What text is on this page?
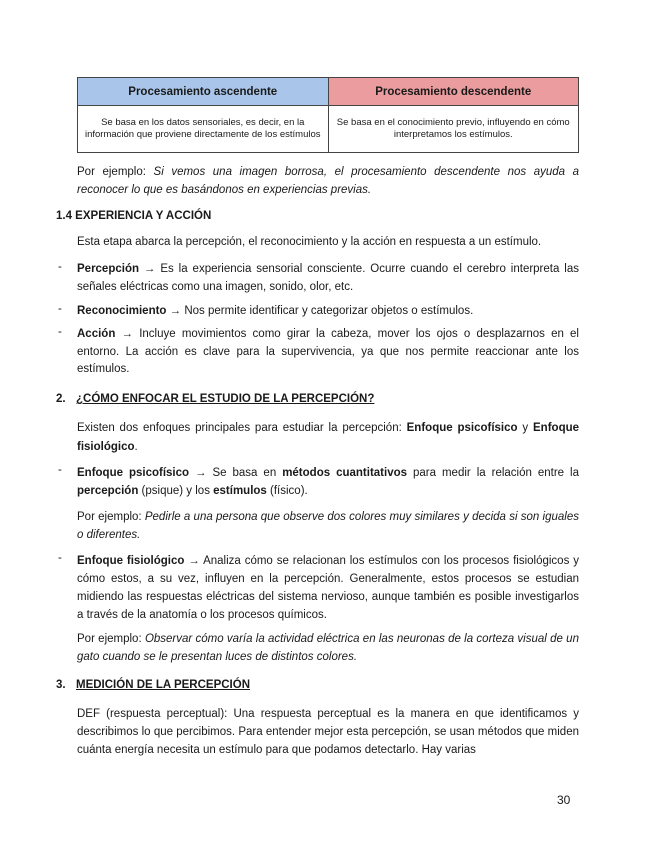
Procesamiento ascendente	Procesamiento descendente
Se basa en los datos sensoriales, es decir, en la información que proviene directamente de los estímulos	Se basa en el conocimiento previo, influyendo en cómo interpretamos los estímulos.
Por ejemplo: Si vemos una imagen borrosa, el procesamiento descendente nos ayuda a reconocer lo que es basándonos en experiencias previas.
1.4 EXPERIENCIA Y ACCIÓN
Esta etapa abarca la percepción, el reconocimiento y la acción en respuesta a un estímulo.
- Percepción → Es la experiencia sensorial consciente. Ocurre cuando el cerebro interpreta las señales eléctricas como una imagen, sonido, olor, etc.
- Reconocimiento → Nos permite identificar y categorizar objetos o estímulos.
- Acción → Incluye movimientos como girar la cabeza, mover los ojos o desplazarnos en el entorno. La acción es clave para la supervivencia, ya que nos permite reaccionar ante los estímulos.
2. ¿CÓMO ENFOCAR EL ESTUDIO DE LA PERCEPCIÓN?
Existen dos enfoques principales para estudiar la percepción: Enfoque psicofísico y Enfoque fisiológico.
- Enfoque psicofísico → Se basa en métodos cuantitativos para medir la relación entre la percepción (psique) y los estímulos (físico).
Por ejemplo: Pedirle a una persona que observe dos colores muy similares y decida si son iguales o diferentes.
- Enfoque fisiológico → Analiza cómo se relacionan los estímulos con los procesos fisiológicos y cómo estos, a su vez, influyen en la percepción. Generalmente, estos procesos se estudian midiendo las respuestas eléctricas del sistema nervioso, aunque también es posible investigarlos a través de la anatomía o los procesos químicos.
Por ejemplo: Observar cómo varía la actividad eléctrica en las neuronas de la corteza visual de un gato cuando se le presentan luces de distintos colores.
3. MEDICIÓN DE LA PERCEPCIÓN
DEF (respuesta perceptual): Una respuesta perceptual es la manera en que identificamos y describimos lo que percibimos. Para entender mejor esta percepción, se usan métodos que miden cuánta energía necesita un estímulo para que podamos detectarlo. Hay varias
30
